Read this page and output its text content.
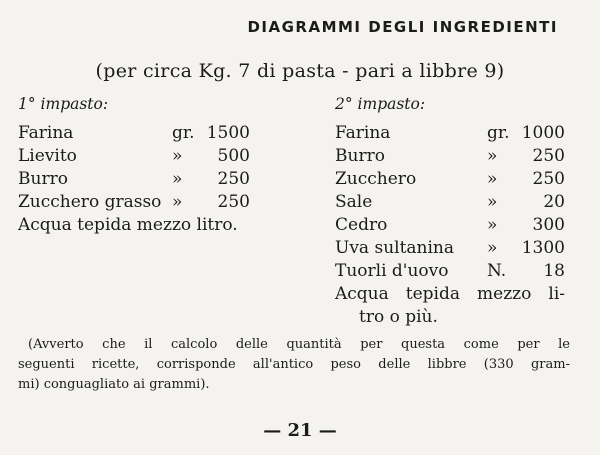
DIAGRAMMI DEGLI INGREDIENTI
(per circa Kg. 7 di pasta - pari a libbre 9)
1° impasto:	2° impasto:
Farina	gr. 1500
Lievito	»	500
Burro	»	250
Zucchero grasso »	250
Acqua tepida mezzo litro.
Farina	gr. 1000
Burro	»	250
Zucchero	»	250
Sale	»	20
Cedro	»	300
Uva sultanina »	1300
Tuorli d'uovo N.	18
Acqua tepida mezzo li-
tro o più.
(Avverto che il calcolo delle quantità per questa come per le
seguenti ricette, corrisponde all'antico peso delle libbre (330 gram-
mi) conguagliato ai grammi).
— 21 —
